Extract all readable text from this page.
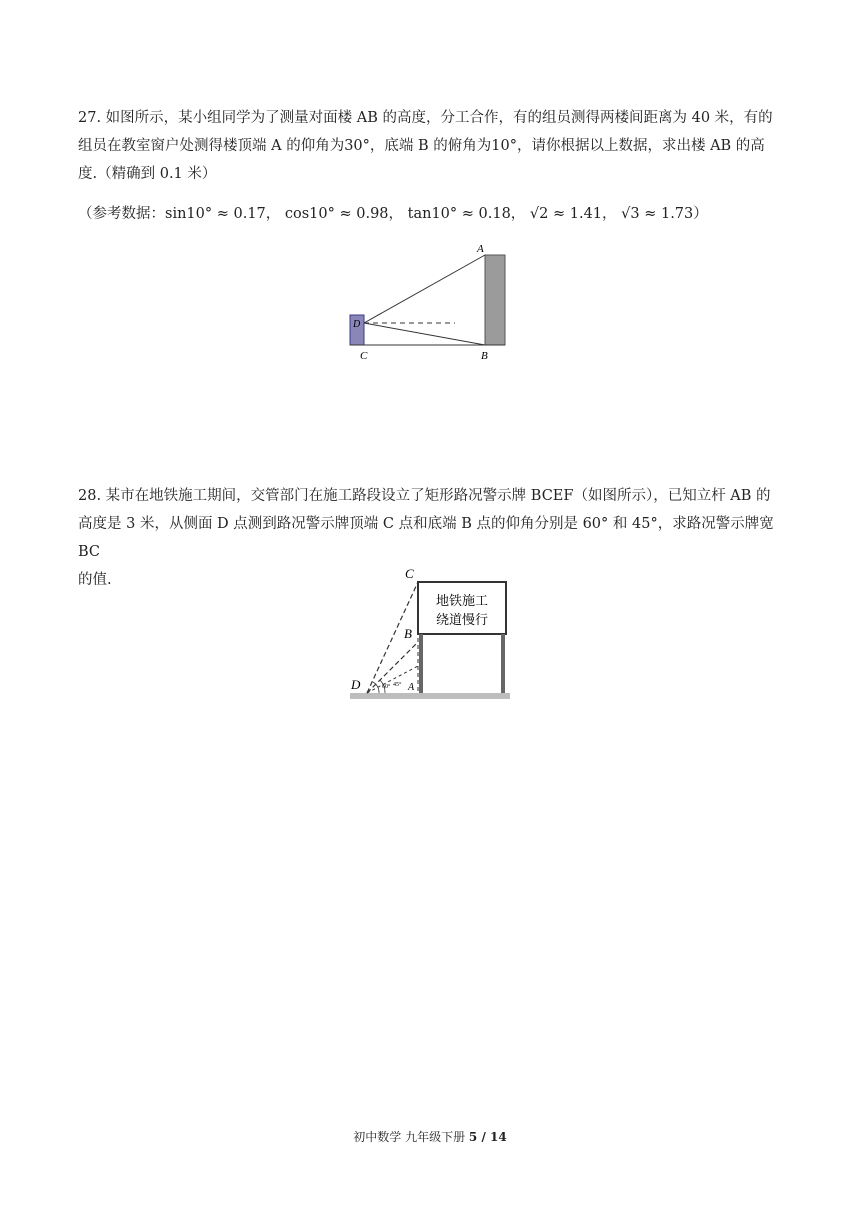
27. 如图所示，某小组同学为了测量对面楼 AB 的高度，分工合作，有的组员测得两楼间距离为 40 米，有的
组员在教室窗户处测得楼顶端 A 的仰角为30°，底端 B 的俯角为10°，请你根据以上数据，求出楼 AB 的高
度.（精确到 0.1 米）
（参考数据：sin10° ≈ 0.17， cos10° ≈ 0.98， tan10° ≈ 0.18， √2 ≈ 1.41， √3 ≈ 1.73）
A
B
C
D
28. 某市在地铁施工期间，交管部门在施工路段设立了矩形路况警示牌 BCEF（如图所示），已知立杆 AB 的
高度是 3 米，从侧面 D 点测到路况警示牌顶端 C 点和底端 B 点的仰角分别是 60° 和 45°，求路况警示牌宽 BC
的值.
地铁施工
绕道慢行
60° 45°
C
B
D	A
初中数学 九年级下册 5 / 14
